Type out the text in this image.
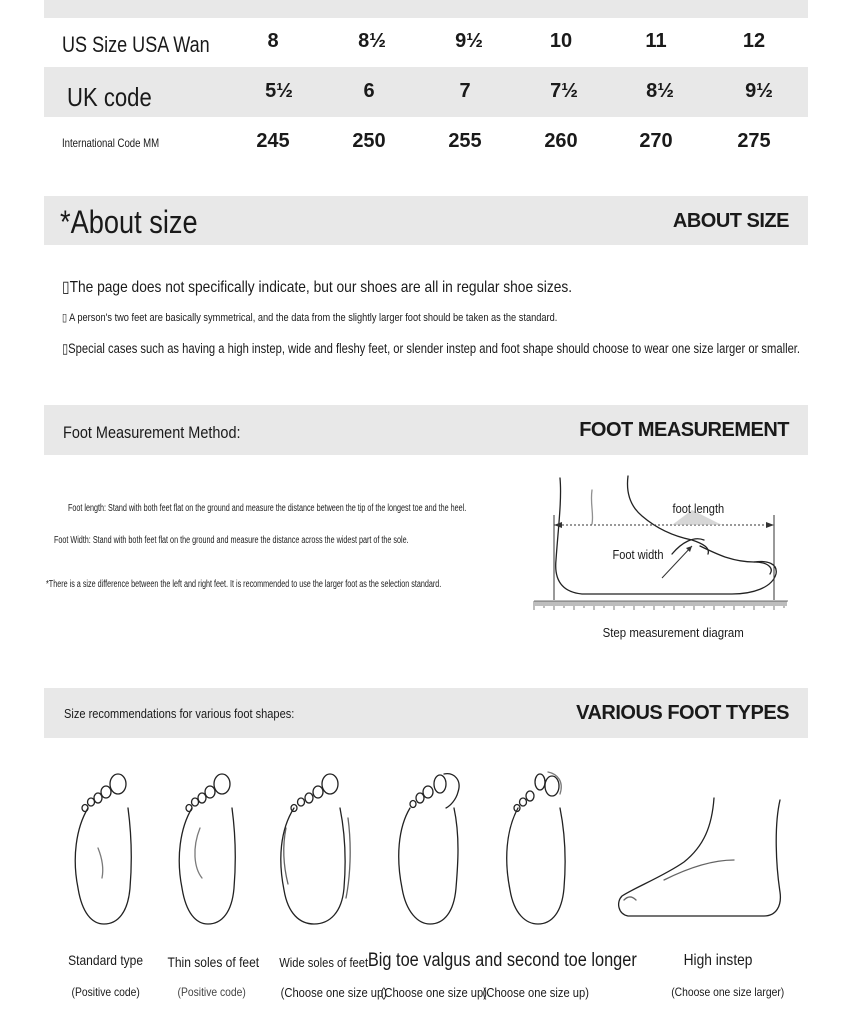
US Size USA Wan	8	8½	9½	10	11	12
UK code	5½	6	7	7½	8½	9½
International Code MM	245	250	255	260	270	275
*About size	ABOUT SIZE
▯The page does not specifically indicate, but our shoes are all in regular shoe sizes.
▯ A person's two feet are basically symmetrical, and the data from the slightly larger foot should be taken as the standard.
▯Special cases such as having a high instep, wide and fleshy feet, or slender instep and foot shape should choose to wear one size larger or smaller.
Foot Measurement Method:	FOOT MEASUREMENT
Foot length: Stand with both feet flat on the ground and measure the distance between the tip of the longest toe and the heel.
Foot Width: Stand with both feet flat on the ground and measure the distance across the widest part of the sole.
*There is a size difference between the left and right feet. It is recommended to use the larger foot as the selection standard.
foot length
Foot width
Step measurement diagram
Size recommendations for various foot shapes:	VARIOUS FOOT TYPES
Standard type
(Positive code)
Thin soles of feet
(Positive code)
Wide soles of feet
(Choose one size up)
Big toe valgus and second toe longer
(Choose one size up)
(Choose one size up)
High instep
(Choose one size larger)
